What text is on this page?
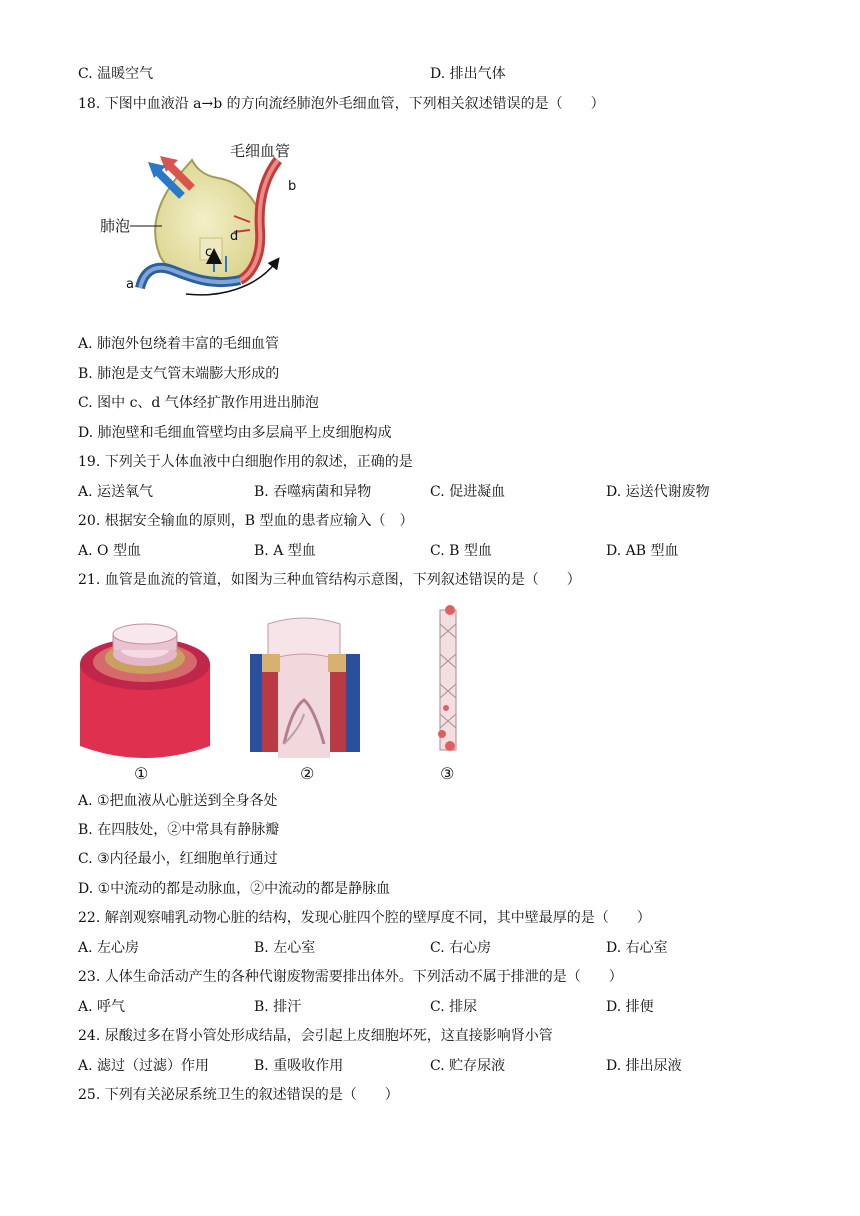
C. 温暖空气	D. 排出气体
18. 下图中血液沿 a→b 的方向流经肺泡外毛细血管，下列相关叙述错误的是（　　）
毛细血管
肺泡
a
b
c
d
A. 肺泡外包绕着丰富的毛细血管
B. 肺泡是支气管末端膨大形成的
C. 图中 c、d 气体经扩散作用进出肺泡
D. 肺泡壁和毛细血管壁均由多层扁平上皮细胞构成
19. 下列关于人体血液中白细胞作用的叙述，正确的是
A. 运送氧气	B. 吞噬病菌和异物	C. 促进凝血	D. 运送代谢废物
20. 根据安全输血的原则，B 型血的患者应输入（　）
A. O 型血	B. A 型血	C. B 型血	D. AB 型血
21. 血管是血流的管道，如图为三种血管结构示意图，下列叙述错误的是（　　）
①	②	③
A. ①把血液从心脏送到全身各处
B. 在四肢处，②中常具有静脉瓣
C. ③内径最小，红细胞单行通过
D. ①中流动的都是动脉血，②中流动的都是静脉血
22. 解剖观察哺乳动物心脏的结构，发现心脏四个腔的壁厚度不同，其中壁最厚的是（　　）
A. 左心房	B. 左心室	C. 右心房	D. 右心室
23. 人体生命活动产生的各种代谢废物需要排出体外。下列活动不属于排泄的是（　　）
A. 呼气	B. 排汗	C. 排尿	D. 排便
24. 尿酸过多在肾小管处形成结晶，会引起上皮细胞坏死，这直接影响肾小管
A. 滤过（过滤）作用	B. 重吸收作用	C. 贮存尿液	D. 排出尿液
25. 下列有关泌尿系统卫生的叙述错误的是（　　）
